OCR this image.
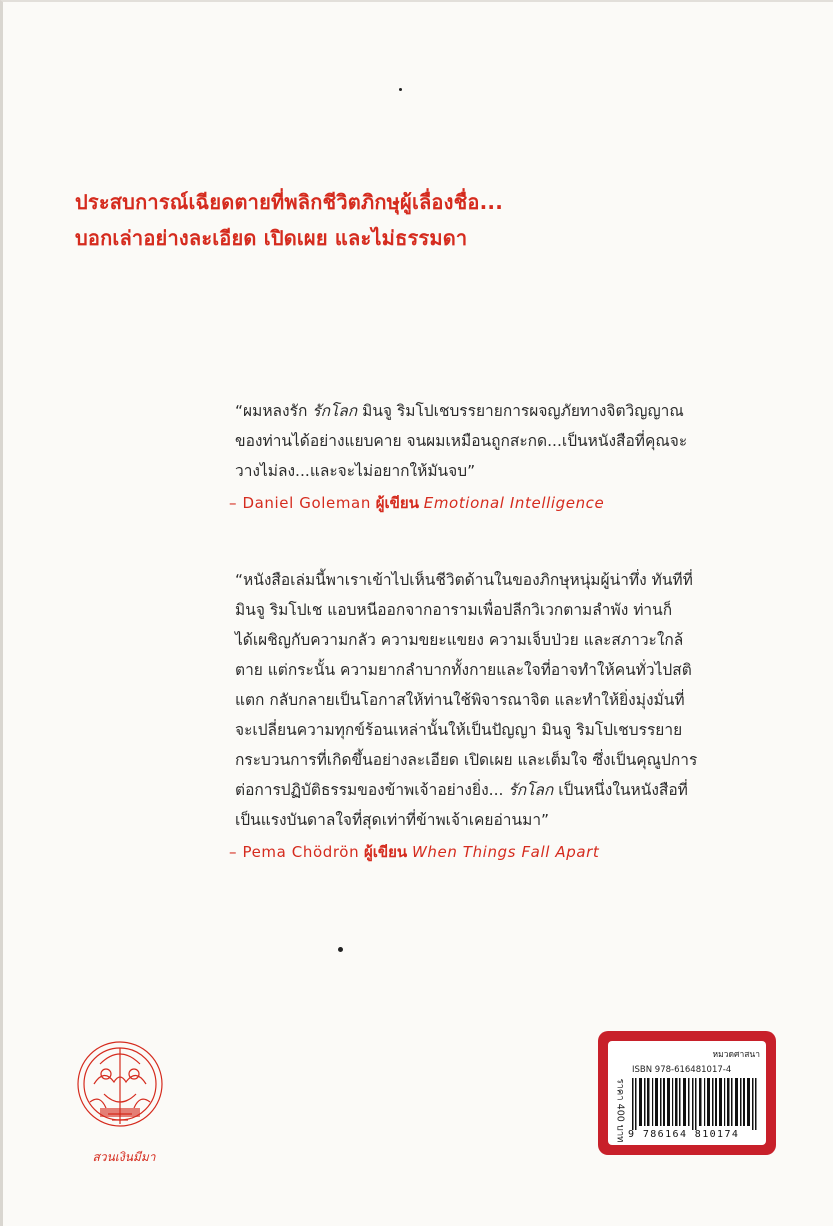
ประสบการณ์เฉียดตายที่พลิกชีวิตภิกษุผู้เลื่องชื่อ...
บอกเล่าอย่างละเอียด เปิดเผย และไม่ธรรมดา
“ผมหลงรัก รักโลก มินจู ริมโปเชบรรยายการผจญภัยทางจิตวิญญาณ
ของท่านได้อย่างแยบคาย จนผมเหมือนถูกสะกด...เป็นหนังสือที่คุณจะ
วางไม่ลง...และจะไม่อยากให้มันจบ”
– Daniel Goleman ผู้เขียน Emotional Intelligence
“หนังสือเล่มนี้พาเราเข้าไปเห็นชีวิตด้านในของภิกษุหนุ่มผู้น่าทึ่ง ทันทีที่
มินจู ริมโปเช แอบหนีออกจากอารามเพื่อปลีกวิเวกตามลำพัง ท่านก็
ได้เผชิญกับความกลัว ความขยะแขยง ความเจ็บป่วย และสภาวะใกล้
ตาย แต่กระนั้น ความยากลำบากทั้งกายและใจที่อาจทำให้คนทั่วไปสติ
แตก กลับกลายเป็นโอกาสให้ท่านใช้พิจารณาจิต และทำให้ยิ่งมุ่งมั่นที่
จะเปลี่ยนความทุกข์ร้อนเหล่านั้นให้เป็นปัญญา มินจู ริมโปเชบรรยาย
กระบวนการที่เกิดขึ้นอย่างละเอียด เปิดเผย และเต็มใจ ซึ่งเป็นคุณูปการ
ต่อการปฏิบัติธรรมของข้าพเจ้าอย่างยิ่ง... รักโลก เป็นหนึ่งในหนังสือที่
เป็นแรงบันดาลใจที่สุดเท่าที่ข้าพเจ้าเคยอ่านมา”
– Pema Chödrön ผู้เขียน When Things Fall Apart
สวนเงินมีมา
หมวดศาสนา
ISBN 978-616481017-4
ราคา 400 บาท 9 786164 810174
